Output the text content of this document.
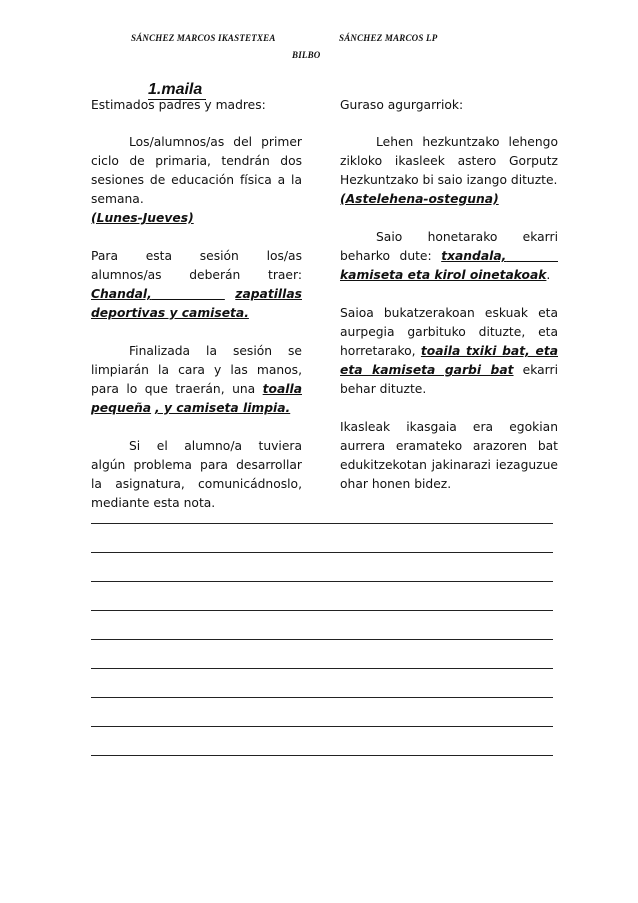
SÁNCHEZ MARCOS IKASTETXEA	SÁNCHEZ MARCOS LP
BILBO
1.maila

Estimados padres y madres:

Los/alumnos/as del primer ciclo de primaria, tendrán dos sesiones de educación física a la semana.

(Lunes-Jueves)

Para esta sesión los/as alumnos/as deberán traer: Chandal,	zapatillas deportivas y camiseta.

Finalizada la sesión se limpiarán la cara y las manos, para lo que traerán, una toalla pequeña , y camiseta limpia.

Si el alumno/a tuviera algún problema para desarrollar la asignatura, comunicádnoslo, mediante esta nota.

Guraso agurgarriok:

Lehen hezkuntzako lehengo zikloko ikasleek astero Gorputz Hezkuntzako bi saio izango dituzte.

(Astelehena-osteguna)

Saio honetarako ekarri beharko dute: txandala,       kamiseta eta kirol oinetakoak.

Saioa bukatzerakoan eskuak eta aurpegia garbituko dituzte, eta horretarako, toaila txiki bat, eta eta kamiseta garbi bat ekarri behar dituzte.

Ikasleak ikasgaia era egokian aurrera eramateko arazoren bat edukitzekotan jakinarazi iezaguzue ohar honen bidez.
